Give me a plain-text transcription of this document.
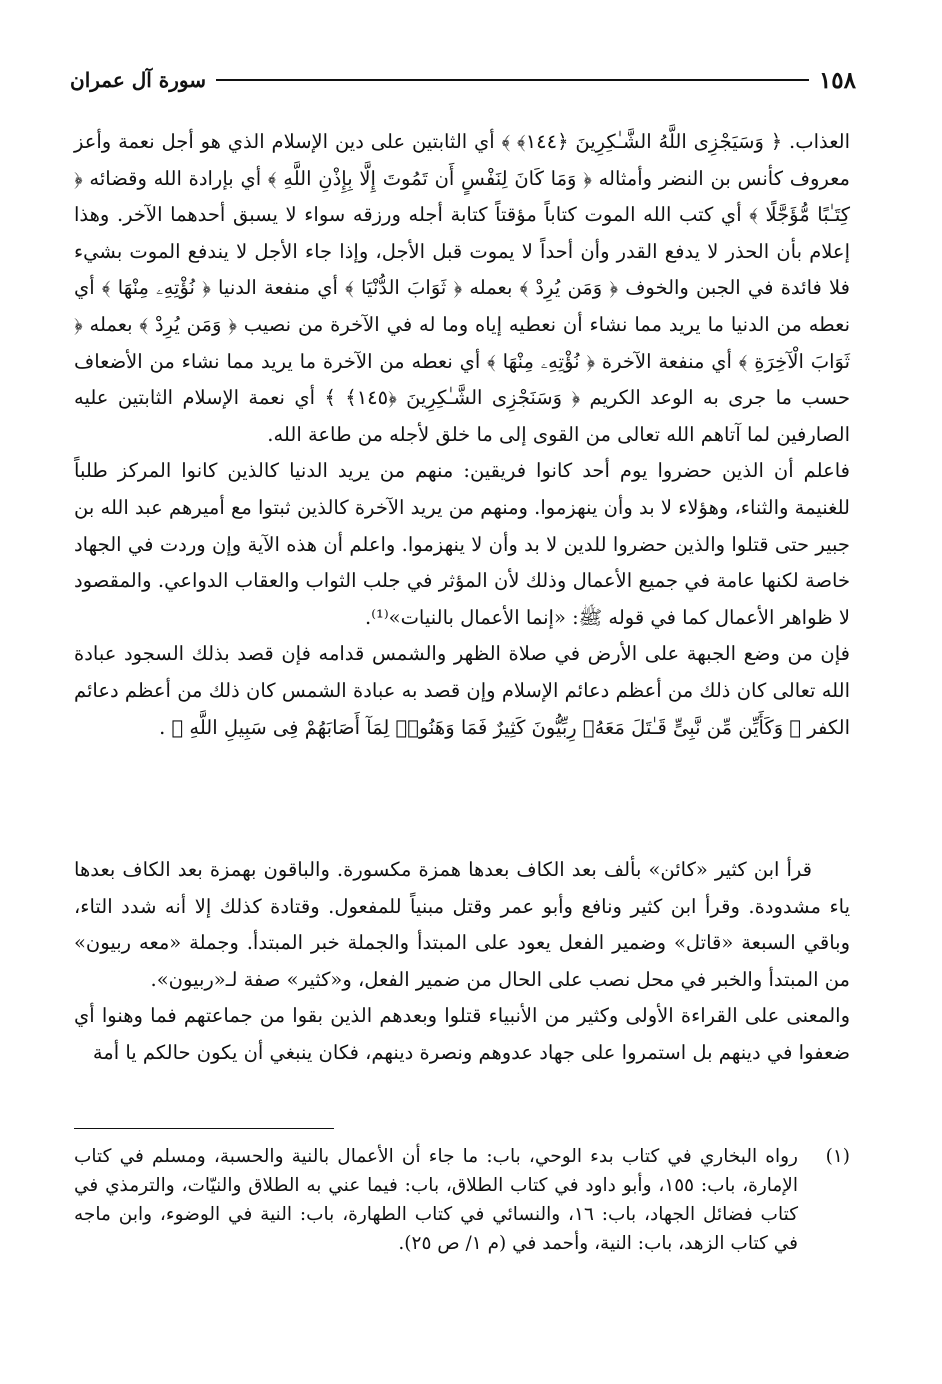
١٥٨
سورة آل عمران

العذاب. ﴿ وَسَيَجْزِى اللَّهُ الشَّـٰكِرِينَ ﴿١٤٤﴾ ﴾ أي الثابتين على دين الإسلام الذي هو أجل نعمة وأعز معروف كأنس بن النضر وأمثاله ﴿ وَمَا كَانَ لِنَفْسٍ أَن تَمُوتَ إِلَّا بِإِذْنِ اللَّهِ ﴾ أي بإرادة الله وقضائه ﴿ كِتَـٰبًا مُّؤَجَّلًا ﴾ أي كتب الله الموت كتاباً مؤقتاً كتابة أجله ورزقه سواء لا يسبق أحدهما الآخر. وهذا إعلام بأن الحذر لا يدفع القدر وأن أحداً لا يموت قبل الأجل، وإذا جاء الأجل لا يندفع الموت بشيء فلا فائدة في الجبن والخوف ﴿ وَمَن يُرِدْ ﴾ بعمله ﴿ ثَوَابَ الدُّنْيَا ﴾ أي منفعة الدنيا ﴿ نُؤْتِهِۦ مِنْهَا ﴾ أي نعطه من الدنيا ما يريد مما نشاء أن نعطيه إياه وما له في الآخرة من نصيب ﴿ وَمَن يُرِدْ ﴾ بعمله ﴿ ثَوَابَ الْآخِرَةِ ﴾ أي منفعة الآخرة ﴿ نُؤْتِهِۦ مِنْهَا ﴾ أي نعطه من الآخرة ما يريد مما نشاء من الأضعاف حسب ما جرى به الوعد الكريم ﴿ وَسَنَجْزِى الشَّـٰكِرِينَ ﴿١٤٥﴾ ﴾ أي نعمة الإسلام الثابتين عليه الصارفين لما آتاهم الله تعالى من القوى إلى ما خلق لأجله من طاعة الله.

فاعلم أن الذين حضروا يوم أحد كانوا فريقين: منهم من يريد الدنيا كالذين كانوا المركز طلباً للغنيمة والثناء، وهؤلاء لا بد وأن ينهزموا. ومنهم من يريد الآخرة كالذين ثبتوا مع أميرهم عبد الله بن جبير حتى قتلوا والذين حضروا للدين لا بد وأن لا ينهزموا. واعلم أن هذه الآية وإن وردت في الجهاد خاصة لكنها عامة في جميع الأعمال وذلك لأن المؤثر في جلب الثواب والعقاب الدواعي. والمقصود لا ظواهر الأعمال كما في قوله ﷺ: «إنما الأعمال بالنيات»⁽¹⁾.

فإن من وضع الجبهة على الأرض في صلاة الظهر والشمس قدامه فإن قصد بذلك السجود عبادة الله تعالى كان ذلك من أعظم دعائم الإسلام وإن قصد به عبادة الشمس كان ذلك من أعظم دعائم الكفر ﴿ وَكَأَيِّن مِّن نَّبِىٍّ قَـٰتَلَ مَعَهُۥ رِبِّيُّونَ كَثِيرٌ فَمَا وَهَنُوا۟ لِمَآ أَصَابَهُمْ فِى سَبِيلِ اللَّهِ ﴾ .

قرأ ابن كثير «كائن» بألف بعد الكاف بعدها همزة مكسورة. والباقون بهمزة بعد الكاف بعدها ياء مشدودة. وقرأ ابن كثير ونافع وأبو عمر وقتل مبنياً للمفعول. وقتادة كذلك إلا أنه شدد التاء، وباقي السبعة «قاتل» وضمير الفعل يعود على المبتدأ والجملة خبر المبتدأ. وجملة «معه ربيون» من المبتدأ والخبر في محل نصب على الحال من ضمير الفعل، و«كثير» صفة لـ«ربيون».

والمعنى على القراءة الأولى وكثير من الأنبياء قتلوا وبعدهم الذين بقوا من جماعتهم فما وهنوا أي ضعفوا في دينهم بل استمروا على جهاد عدوهم ونصرة دينهم، فكان ينبغي أن يكون حالكم يا أمة

(١)
رواه البخاري في كتاب بدء الوحي، باب: ما جاء أن الأعمال بالنية والحسبة، ومسلم في كتاب الإمارة، باب: ١٥٥، وأبو داود في كتاب الطلاق، باب: فيما عني به الطلاق والنيّات، والترمذي في كتاب فضائل الجهاد، باب: ١٦، والنسائي في كتاب الطهارة، باب: النية في الوضوء، وابن ماجه في كتاب الزهد، باب: النية، وأحمد في (م ١/ ص ٢٥).
